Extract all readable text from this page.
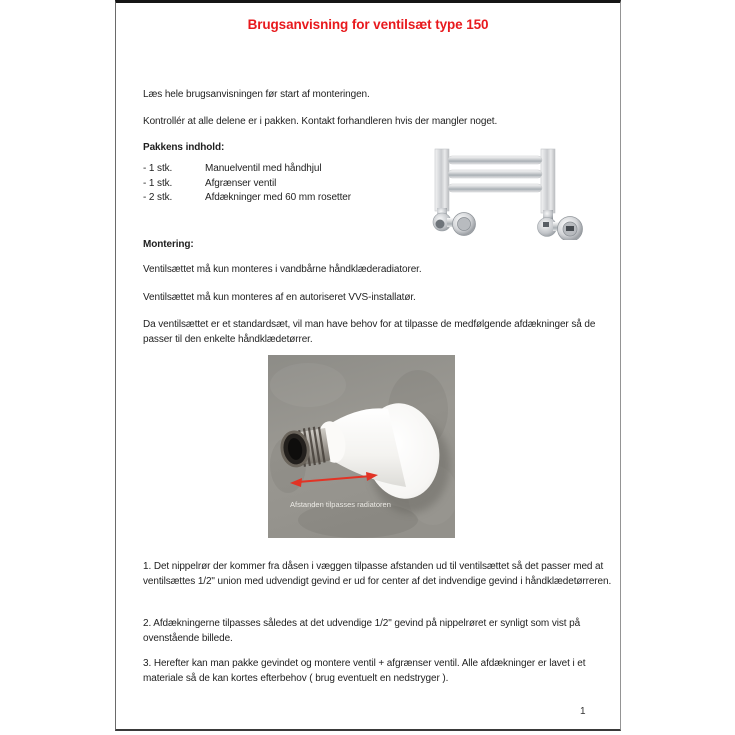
Brugsanvisning for ventilsæt type 150
Læs hele brugsanvisningen før start af monteringen.
Kontrollér at alle delene er i pakken. Kontakt forhandleren hvis der mangler noget.
Pakkens indhold:
- 1 stk.	Manuelventil med håndhjul
- 1 stk.	Afgrænser ventil
- 2 stk.	Afdækninger med 60 mm rosetter
Montering:
Ventilsættet må kun monteres i vandbårne håndklæderadiatorer.
Ventilsættet må kun monteres af en autoriseret VVS-installatør.
Da ventilsættet er et standardsæt, vil man have behov for at tilpasse de medfølgende afdækninger så de passer til den enkelte håndklædetørrer.
Afstanden tilpasses radiatoren
1. Det nippelrør der kommer fra dåsen i væggen tilpasse afstanden ud til ventilsættet så det passer med at ventilsættes 1/2" union med udvendigt gevind er ud for center af det indvendige gevind i håndklædetørreren.
2. Afdækningerne tilpasses således at det udvendige 1/2" gevind på nippelrøret er synligt som vist på ovenstående billede.
3. Herefter kan man pakke gevindet og montere ventil + afgrænser ventil. Alle afdækninger er lavet i et materiale så de kan kortes efterbehov ( brug eventuelt en nedstryger ).
1
